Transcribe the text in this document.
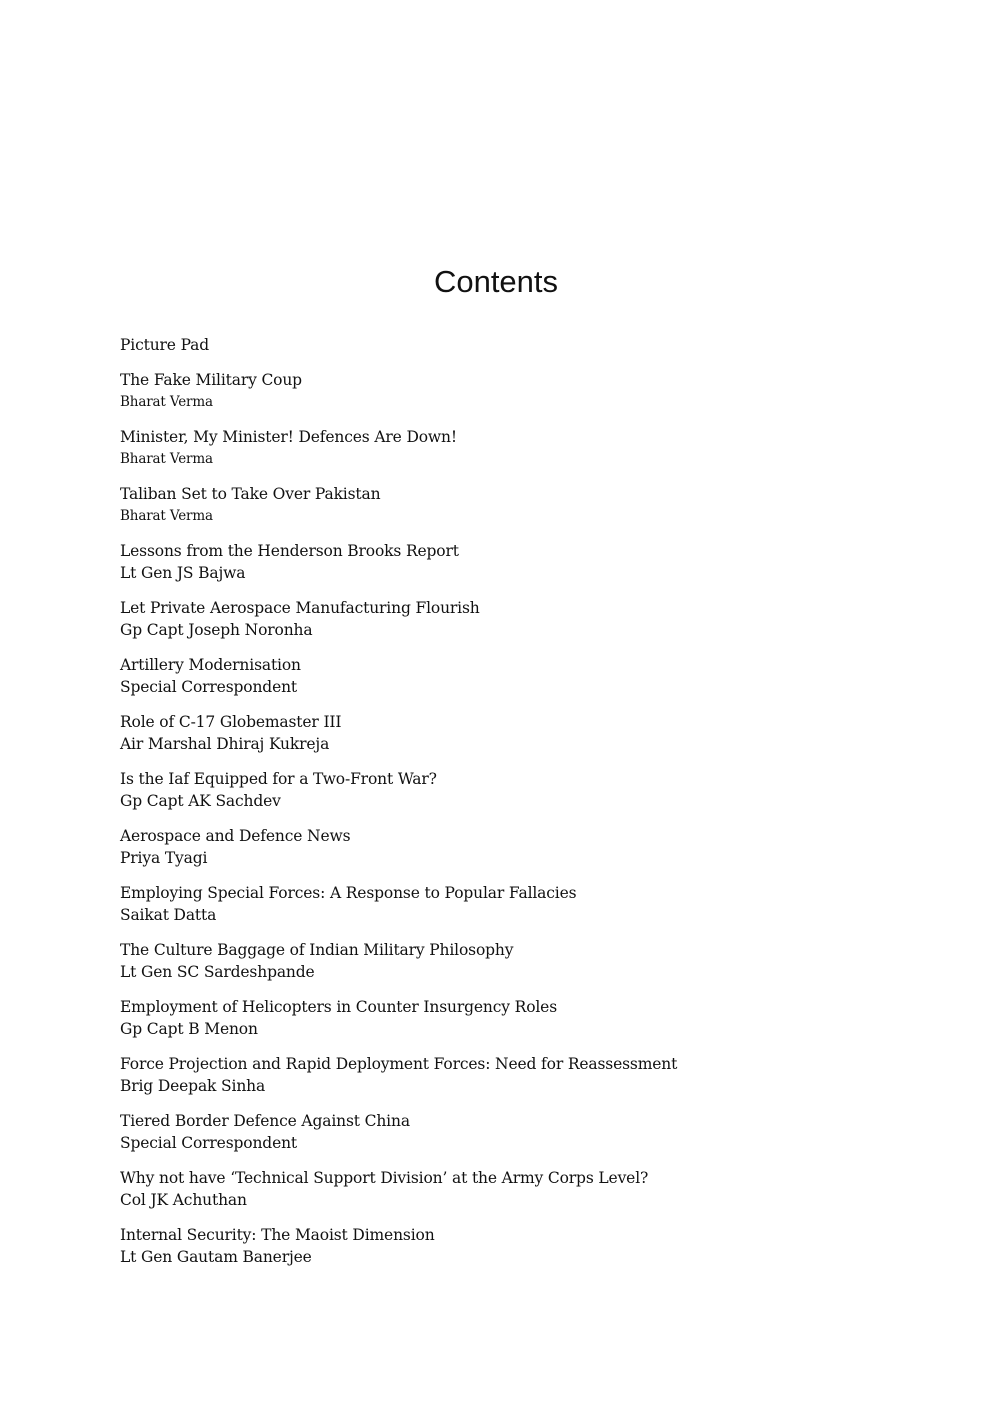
Contents
Picture Pad
The Fake Military Coup
Bharat Verma
Minister, My Minister! Defences Are Down!
Bharat Verma
Taliban Set to Take Over Pakistan
Bharat Verma
Lessons from the Henderson Brooks Report
Lt Gen JS Bajwa
Let Private Aerospace Manufacturing Flourish
Gp Capt Joseph Noronha
Artillery Modernisation
Special Correspondent
Role of C-17 Globemaster III
Air Marshal Dhiraj Kukreja
Is the Iaf Equipped for a Two-Front War?
Gp Capt AK Sachdev
Aerospace and Defence News
Priya Tyagi
Employing Special Forces: A Response to Popular Fallacies
Saikat Datta
The Culture Baggage of Indian Military Philosophy
Lt Gen SC Sardeshpande
Employment of Helicopters in Counter Insurgency Roles
Gp Capt B Menon
Force Projection and Rapid Deployment Forces: Need for Reassessment
Brig Deepak Sinha
Tiered Border Defence Against China
Special Correspondent
Why not have ‘Technical Support Division’ at the Army Corps Level?
Col JK Achuthan
Internal Security: The Maoist Dimension
Lt Gen Gautam Banerjee
